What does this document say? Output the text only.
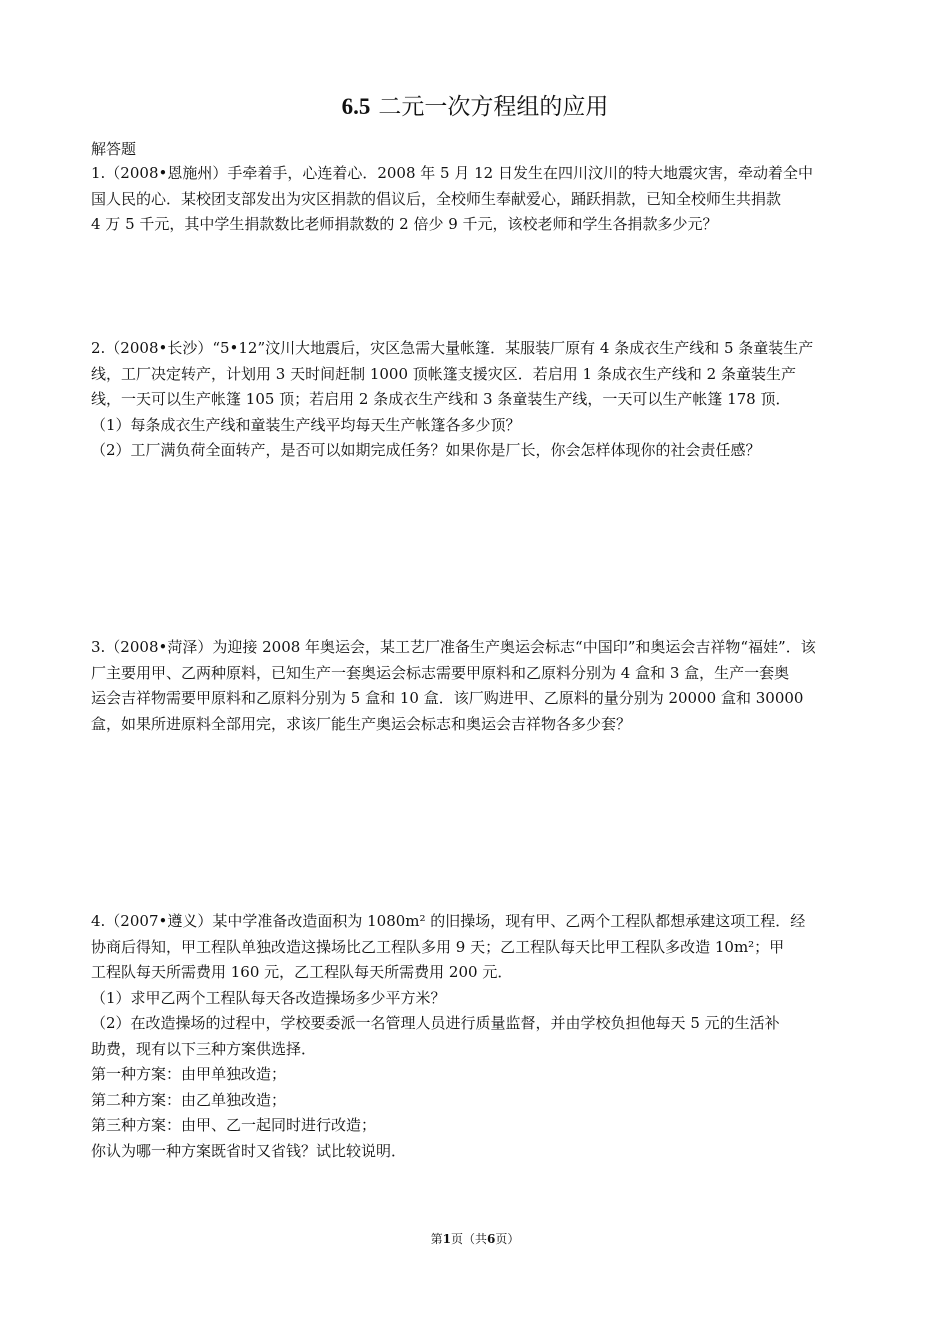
6.5 二元一次方程组的应用
解答题
1.（2008•恩施州）手牵着手，心连着心．2008 年 5 月 12 日发生在四川汶川的特大地震灾害，牵动着全中
国人民的心．某校团支部发出为灾区捐款的倡议后，全校师生奉献爱心，踊跃捐款，已知全校师生共捐款
4 万 5 千元，其中学生捐款数比老师捐款数的 2 倍少 9 千元，该校老师和学生各捐款多少元？
2.（2008•长沙）“5•12”汶川大地震后，灾区急需大量帐篷．某服装厂原有 4 条成衣生产线和 5 条童装生产
线，工厂决定转产，计划用 3 天时间赶制 1000 顶帐篷支援灾区．若启用 1 条成衣生产线和 2 条童装生产
线，一天可以生产帐篷 105 顶；若启用 2 条成衣生产线和 3 条童装生产线，一天可以生产帐篷 178 顶．
（1）每条成衣生产线和童装生产线平均每天生产帐篷各多少顶？
（2）工厂满负荷全面转产，是否可以如期完成任务？如果你是厂长，你会怎样体现你的社会责任感？
3.（2008•菏泽）为迎接 2008 年奥运会，某工艺厂准备生产奥运会标志“中国印”和奥运会吉祥物“福娃”．该
厂主要用甲、乙两种原料，已知生产一套奥运会标志需要甲原料和乙原料分别为 4 盒和 3 盒，生产一套奥
运会吉祥物需要甲原料和乙原料分别为 5 盒和 10 盒．该厂购进甲、乙原料的量分别为 20000 盒和 30000
盒，如果所进原料全部用完，求该厂能生产奥运会标志和奥运会吉祥物各多少套？
4.（2007•遵义）某中学准备改造面积为 1080m² 的旧操场，现有甲、乙两个工程队都想承建这项工程．经
协商后得知，甲工程队单独改造这操场比乙工程队多用 9 天；乙工程队每天比甲工程队多改造 10m²；甲
工程队每天所需费用 160 元，乙工程队每天所需费用 200 元．
（1）求甲乙两个工程队每天各改造操场多少平方米？
（2）在改造操场的过程中，学校要委派一名管理人员进行质量监督，并由学校负担他每天 5 元的生活补
助费，现有以下三种方案供选择．
第一种方案：由甲单独改造；
第二种方案：由乙单独改造；
第三种方案：由甲、乙一起同时进行改造；
你认为哪一种方案既省时又省钱？试比较说明．
第1页（共6页）
